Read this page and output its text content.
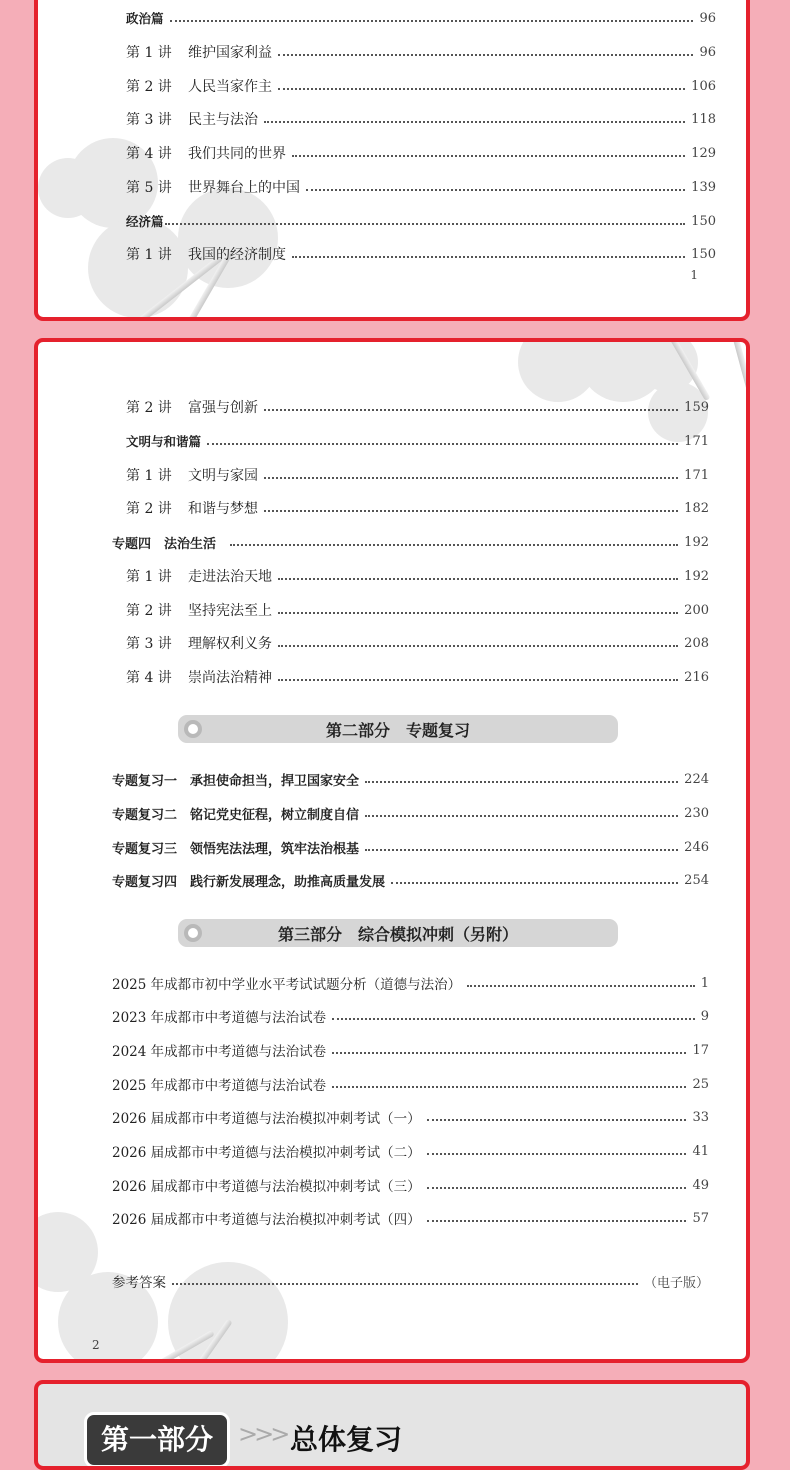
政治篇	96
第 1 讲 维护国家利益	96
第 2 讲 人民当家作主	106
第 3 讲 民主与法治	118
第 4 讲 我们共同的世界	129
第 5 讲 世界舞台上的中国	139
经济篇	150
第 1 讲 我国的经济制度	150
1
第 2 讲 富强与创新	159
文明与和谐篇	171
第 1 讲 文明与家园	171
第 2 讲 和谐与梦想	182
专题四　法治生活	192
第 1 讲 走进法治天地	192
第 2 讲 坚持宪法至上	200
第 3 讲 理解权利义务	208
第 4 讲 崇尚法治精神	216
第二部分　专题复习
专题复习一　承担使命担当，捍卫国家安全	224
专题复习二　铭记党史征程，树立制度自信	230
专题复习三　领悟宪法法理，筑牢法治根基	246
专题复习四　践行新发展理念，助推高质量发展	254
第三部分　综合模拟冲刺（另附）
2025 年成都市初中学业水平考试试题分析（道德与法治）	1
2023 年成都市中考道德与法治试卷	9
2024 年成都市中考道德与法治试卷	17
2025 年成都市中考道德与法治试卷	25
2026 届成都市中考道德与法治模拟冲刺考试（一）	33
2026 届成都市中考道德与法治模拟冲刺考试（二）	41
2026 届成都市中考道德与法治模拟冲刺考试（三）	49
2026 届成都市中考道德与法治模拟冲刺考试（四）	57
参考答案	（电子版）
2
第一部分	>>> 总体复习
